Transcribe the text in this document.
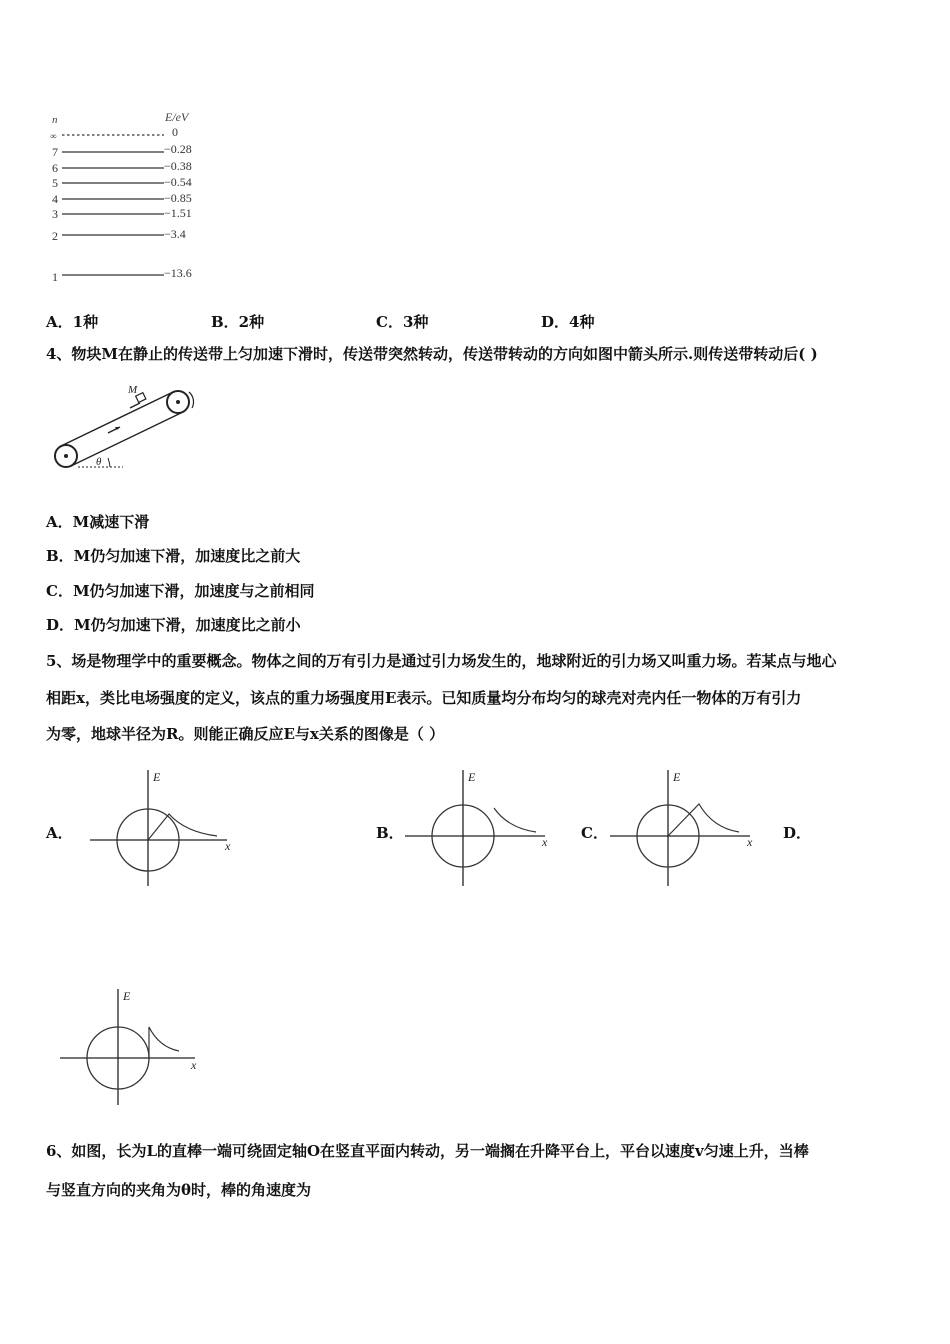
n	E/eV
∞	0
7	−0.28
6	−0.38
5	−0.54
4	−0.85
3	−1.51
2	−3.4
1	−13.6
A．1种	B．2种	C．3种	D．4种
4、物块M在静止的传送带上匀加速下滑时，传送带突然转动，传送带转动的方向如图中箭头所示.则传送带转动后( )
M
θ
A．M减速下滑
B．M仍匀加速下滑，加速度比之前大
C．M仍匀加速下滑，加速度与之前相同
D．M仍匀加速下滑，加速度比之前小
5、场是物理学中的重要概念。物体之间的万有引力是通过引力场发生的，地球附近的引力场又叫重力场。若某点与地心
相距x，类比电场强度的定义，该点的重力场强度用E表示。已知质量均分布均匀的球壳对壳内任一物体的万有引力
为零，地球半径为R。则能正确反应E与x关系的图像是（ ）
A．
E
x
B．
E
x C．
E
x D．
E
x
6、如图，长为L的直棒一端可绕固定轴O在竖直平面内转动，另一端搁在升降平台上，平台以速度v匀速上升，当棒
与竖直方向的夹角为θ时，棒的角速度为
